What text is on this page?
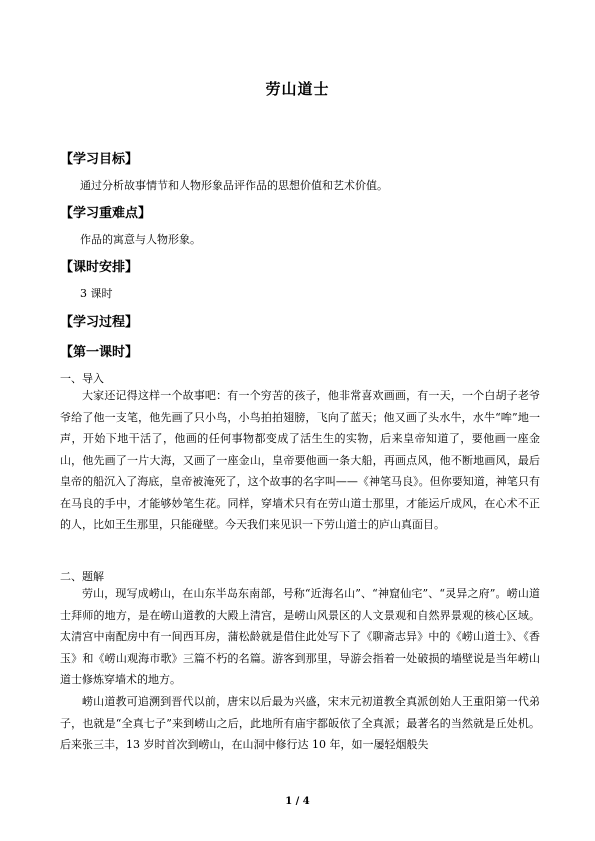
劳山道士
【学习目标】
通过分析故事情节和人物形象品评作品的思想价值和艺术价值。
【学习重难点】
作品的寓意与人物形象。
【课时安排】
3 课时
【学习过程】
【第一课时】
一、导入

大家还记得这样一个故事吧：有一个穷苦的孩子，他非常喜欢画画，有一天，一个白胡子老爷爷给了他一支笔，他先画了只小鸟，小鸟拍拍翅膀，飞向了蓝天；他又画了头水牛，水牛“哞”地一声，开始下地干活了，他画的任何事物都变成了活生生的实物，后来皇帝知道了，要他画一座金山，他先画了一片大海，又画了一座金山，皇帝要他画一条大船，再画点风，他不断地画风，最后皇帝的船沉入了海底，皇帝被淹死了，这个故事的名字叫——《神笔马良》。但你要知道，神笔只有在马良的手中，才能够妙笔生花。同样，穿墙术只有在劳山道士那里，才能运斤成风，在心术不正的人，比如王生那里，只能碰壁。今天我们来见识一下劳山道士的庐山真面目。

二、题解

劳山，现写成崂山，在山东半岛东南部，号称“近海名山”、“神窟仙宅”、“灵异之府”。崂山道士拜师的地方，是在崂山道教的大殿上清宫，是崂山风景区的人文景观和自然界景观的核心区域。太清宫中南配房中有一间西耳房，蒲松龄就是借住此处写下了《聊斋志异》中的《崂山道士》、《香玉》和《崂山观海市歌》三篇不朽的名篇。游客到那里，导游会指着一处破损的墙壁说是当年崂山道士修炼穿墙术的地方。

崂山道教可追溯到晋代以前，唐宋以后最为兴盛，宋末元初道教全真派创始人王重阳第一代弟子，也就是“全真七子”来到崂山之后，此地所有庙宇都皈依了全真派；最著名的当然就是丘处机。后来张三丰，13 岁时首次到崂山，在山洞中修行达 10 年，如一屡轻烟般失

1 / 4
